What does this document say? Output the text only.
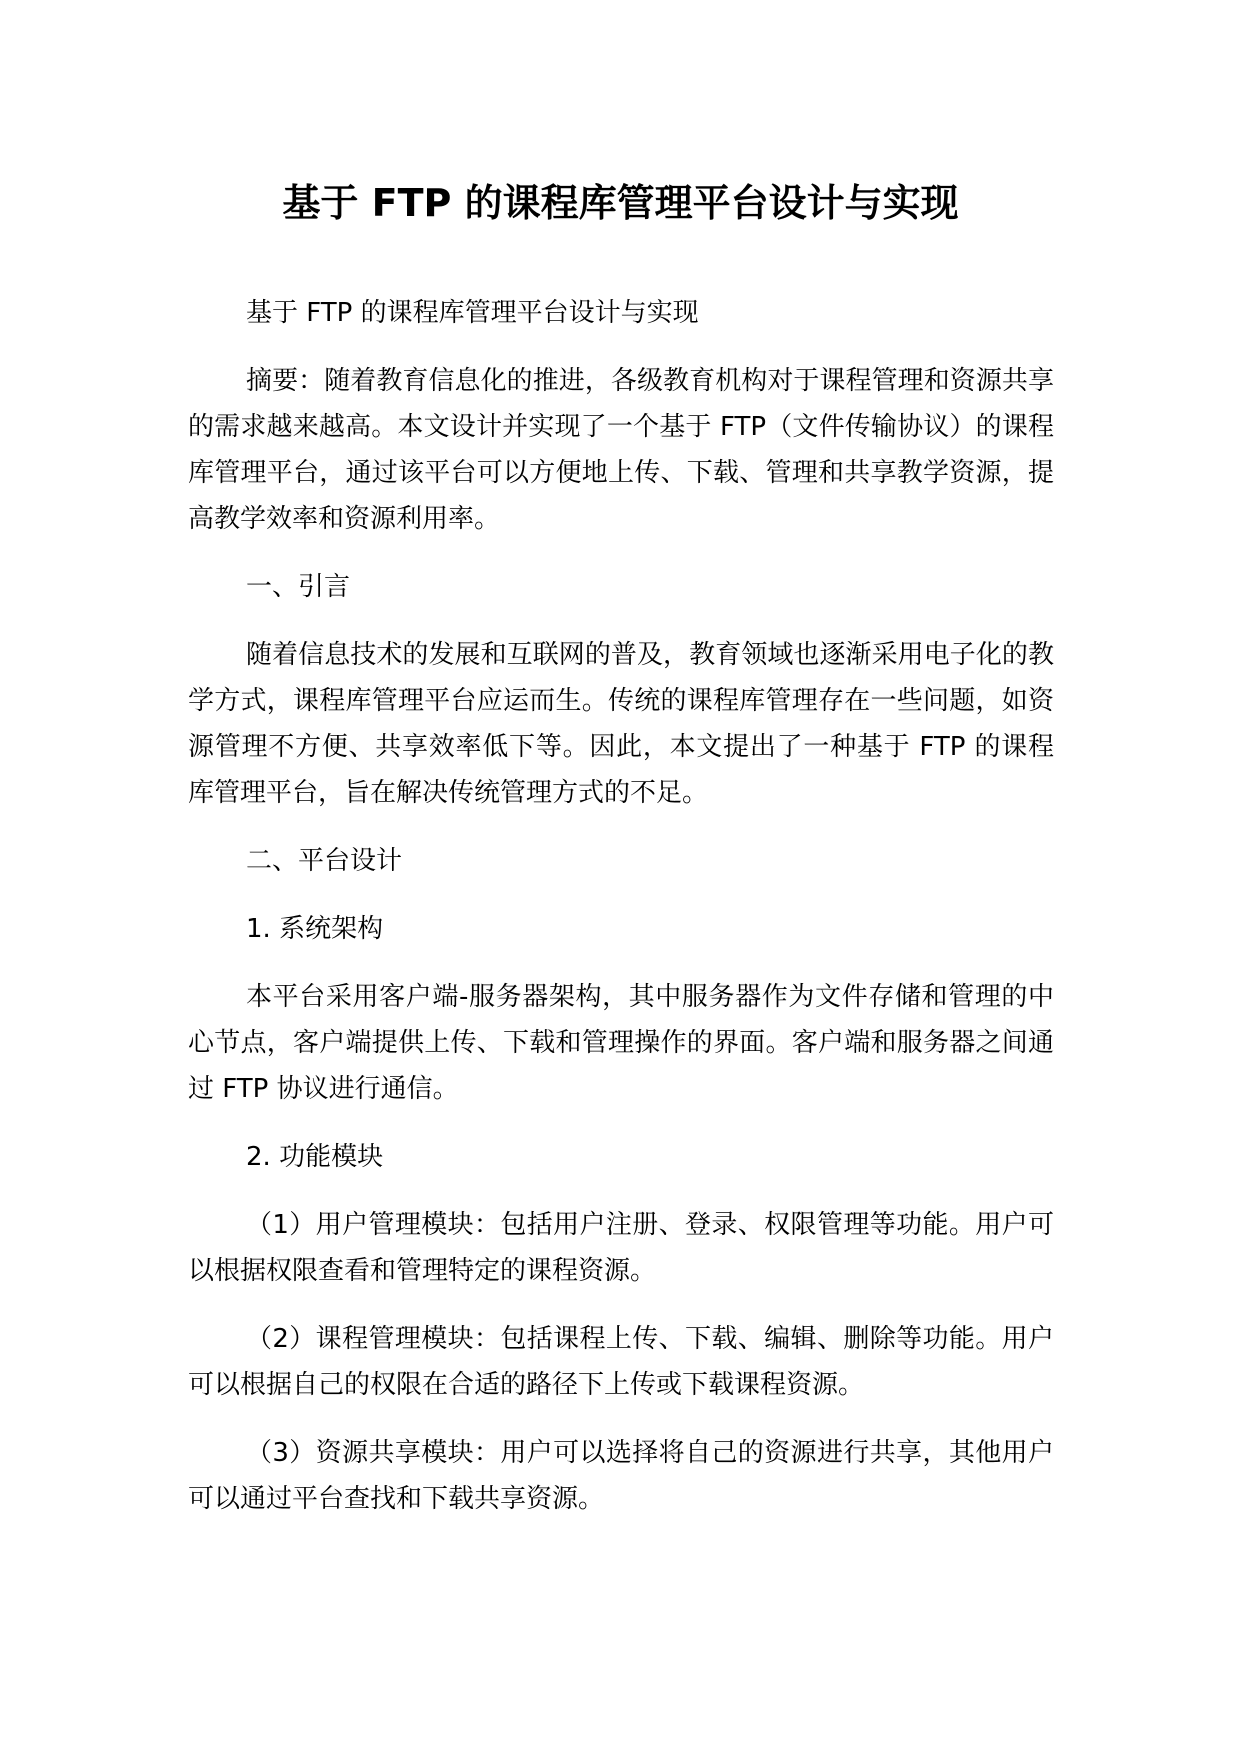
基于 FTP 的课程库管理平台设计与实现

基于 FTP 的课程库管理平台设计与实现

摘要：随着教育信息化的推进，各级教育机构对于课程管理和资源共享的需求越来越高。本文设计并实现了一个基于 FTP（文件传输协议）的课程库管理平台，通过该平台可以方便地上传、下载、管理和共享教学资源，提高教学效率和资源利用率。

一、引言

随着信息技术的发展和互联网的普及，教育领域也逐渐采用电子化的教学方式，课程库管理平台应运而生。传统的课程库管理存在一些问题，如资源管理不方便、共享效率低下等。因此，本文提出了一种基于 FTP 的课程库管理平台，旨在解决传统管理方式的不足。

二、平台设计

1. 系统架构

本平台采用客户端-服务器架构，其中服务器作为文件存储和管理的中心节点，客户端提供上传、下载和管理操作的界面。客户端和服务器之间通过 FTP 协议进行通信。

2. 功能模块

（1）用户管理模块：包括用户注册、登录、权限管理等功能。用户可以根据权限查看和管理特定的课程资源。

（2）课程管理模块：包括课程上传、下载、编辑、删除等功能。用户可以根据自己的权限在合适的路径下上传或下载课程资源。

（3）资源共享模块：用户可以选择将自己的资源进行共享，其他用户可以通过平台查找和下载共享资源。
